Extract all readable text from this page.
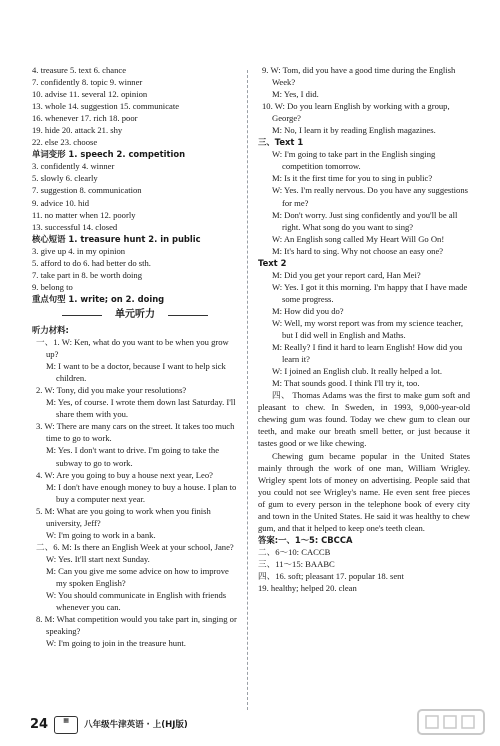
4. treasure 5. text 6. chance
7. confidently 8. topic 9. winner
10. advise 11. several 12. opinion
13. whole 14. suggestion 15. communicate
16. whenever 17. rich 18. poor
19. hide 20. attack 21. shy
22. else 23. choose
单词变形 1. speech 2. competition
3. confidently 4. winner
5. slowly 6. clearly
7. suggestion 8. communication
9. advice 10. hid
11. no matter when 12. poorly
13. successful 14. closed
核心短语 1. treasure hunt 2. in public
3. give up 4. in my opinion
5. afford to do 6. had better do sth.
7. take part in 8. be worth doing
9. belong to
重点句型 1. write; on 2. doing
单元听力
听力材料:
一、1. W: Ken, what do you want to be when you grow up?
M: I want to be a doctor, because I want to help sick children.
2. W: Tony, did you make your resolutions?
M: Yes, of course. I wrote them down last Saturday. I'll share them with you.
3. W: There are many cars on the street. It takes too much time to go to work.
M: Yes. I don't want to drive. I'm going to take the subway to go to work.
4. W: Are you going to buy a house next year, Leo?
M: I don't have enough money to buy a house. I plan to buy a computer next year.
5. M: What are you going to work when you finish university, Jeff?
W: I'm going to work in a bank.
二、6. M: Is there an English Week at your school, Jane?
W: Yes. It'll start next Sunday.
M: Can you give me some advice on how to improve my spoken English?
W: You should communicate in English with friends whenever you can.
8. M: What competition would you take part in, singing or speaking?
W: I'm going to join in the treasure hunt.
9. W: Tom, did you have a good time during the English Week?
M: Yes, I did.
10. W: Do you learn English by working with a group, George?
M: No, I learn it by reading English magazines.
三、Text 1
W: I'm going to take part in the English singing competition tomorrow.
M: Is it the first time for you to sing in public?
W: Yes. I'm really nervous. Do you have any suggestions for me?
M: Don't worry. Just sing confidently and you'll be all right. What song do you want to sing?
W: An English song called My Heart Will Go On!
M: It's hard to sing. Why not choose an easy one?
Text 2
M: Did you get your report card, Han Mei?
W: Yes. I got it this morning. I'm happy that I have made some progress.
M: How did you do?
W: Well, my worst report was from my science teacher, but I did well in English and Maths.
M: Really? I find it hard to learn English! How did you learn it?
W: I joined an English club. It really helped a lot.
M: That sounds good. I think I'll try it, too.
四、 Thomas Adams was the first to make gum soft and pleasant to chew. In Sweden, in 1993, 9,000-year-old chewing gum was found. Today we chew gum to clean our teeth, and make our breath smell better, or just because it tastes good or we like chewing.
Chewing gum became popular in the United States mainly through the work of one man, William Wrigley. Wrigley spent lots of money on advertising. People said that you could not see Wrigley's name. He even sent free pieces of gum to every person in the telephone book of every city and town in the United States. He said it was healthy to chew gum, and that it helped to keep one's teeth clean.
答案:一、1～5: CBCCA
二、6～10: CACCB
三、11～15: BAABC
四、16. soft; pleasant 17. popular 18. sent
19. healthy; helped 20. clean
24	▦	八年级牛津英语 · 上(HJ版)
